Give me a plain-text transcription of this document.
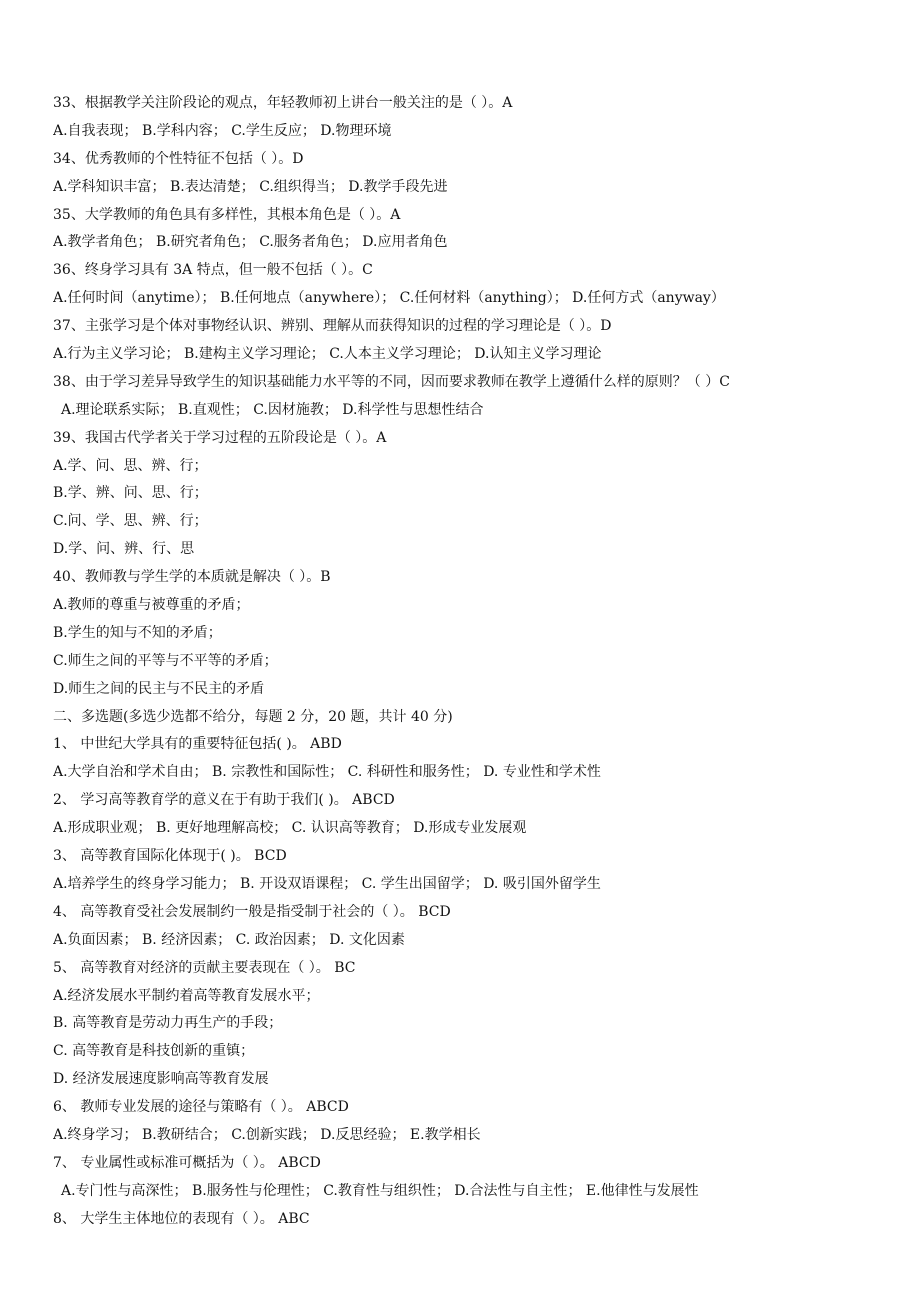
33、根据教学关注阶段论的观点，年轻教师初上讲台一般关注的是（ ）。A
A.自我表现； B.学科内容； C.学生反应； D.物理环境
34、优秀教师的个性特征不包括（ ）。D
A.学科知识丰富； B.表达清楚； C.组织得当； D.教学手段先进
35、大学教师的角色具有多样性，其根本角色是（ ）。A
A.教学者角色； B.研究者角色； C.服务者角色； D.应用者角色
36、终身学习具有 3A 特点，但一般不包括（ ）。C
A.任何时间（anytime）； B.任何地点（anywhere）； C.任何材料（anything）； D.任何方式（anyway）
37、主张学习是个体对事物经认识、辨别、理解从而获得知识的过程的学习理论是（ ）。D
A.行为主义学习论； B.建构主义学习理论； C.人本主义学习理论； D.认知主义学习理论
38、由于学习差异导致学生的知识基础能力水平等的不同，因而要求教师在教学上遵循什么样的原则？（ ）C
A.理论联系实际； B.直观性； C.因材施教； D.科学性与思想性结合
39、我国古代学者关于学习过程的五阶段论是（ ）。A
A.学、问、思、辨、行；
B.学、辨、问、思、行；
C.问、学、思、辨、行；
D.学、问、辨、行、思
40、教师教与学生学的本质就是解决（ ）。B
A.教师的尊重与被尊重的矛盾；
B.学生的知与不知的矛盾；
C.师生之间的平等与不平等的矛盾；
D.师生之间的民主与不民主的矛盾
二、多选题(多选少选都不给分，每题 2 分，20 题，共计 40 分)
1、 中世纪大学具有的重要特征包括( )。 ABD
A.大学自治和学术自由； B. 宗教性和国际性； C. 科研性和服务性； D. 专业性和学术性
2、 学习高等教育学的意义在于有助于我们( )。 ABCD
A.形成职业观； B. 更好地理解高校； C. 认识高等教育； D.形成专业发展观
3、 高等教育国际化体现于( )。 BCD
A.培养学生的终身学习能力； B. 开设双语课程； C. 学生出国留学； D. 吸引国外留学生
4、 高等教育受社会发展制约一般是指受制于社会的（ ）。 BCD
A.负面因素； B. 经济因素； C. 政治因素； D. 文化因素
5、 高等教育对经济的贡献主要表现在（ ）。 BC
A.经济发展水平制约着高等教育发展水平；
B. 高等教育是劳动力再生产的手段；
C. 高等教育是科技创新的重镇；
D. 经济发展速度影响高等教育发展
6、 教师专业发展的途径与策略有（ ）。 ABCD
A.终身学习； B.教研结合； C.创新实践； D.反思经验； E.教学相长
7、 专业属性或标准可概括为（ ）。 ABCD
A.专门性与高深性； B.服务性与伦理性； C.教育性与组织性； D.合法性与自主性； E.他律性与发展性
8、 大学生主体地位的表现有（ ）。 ABC
